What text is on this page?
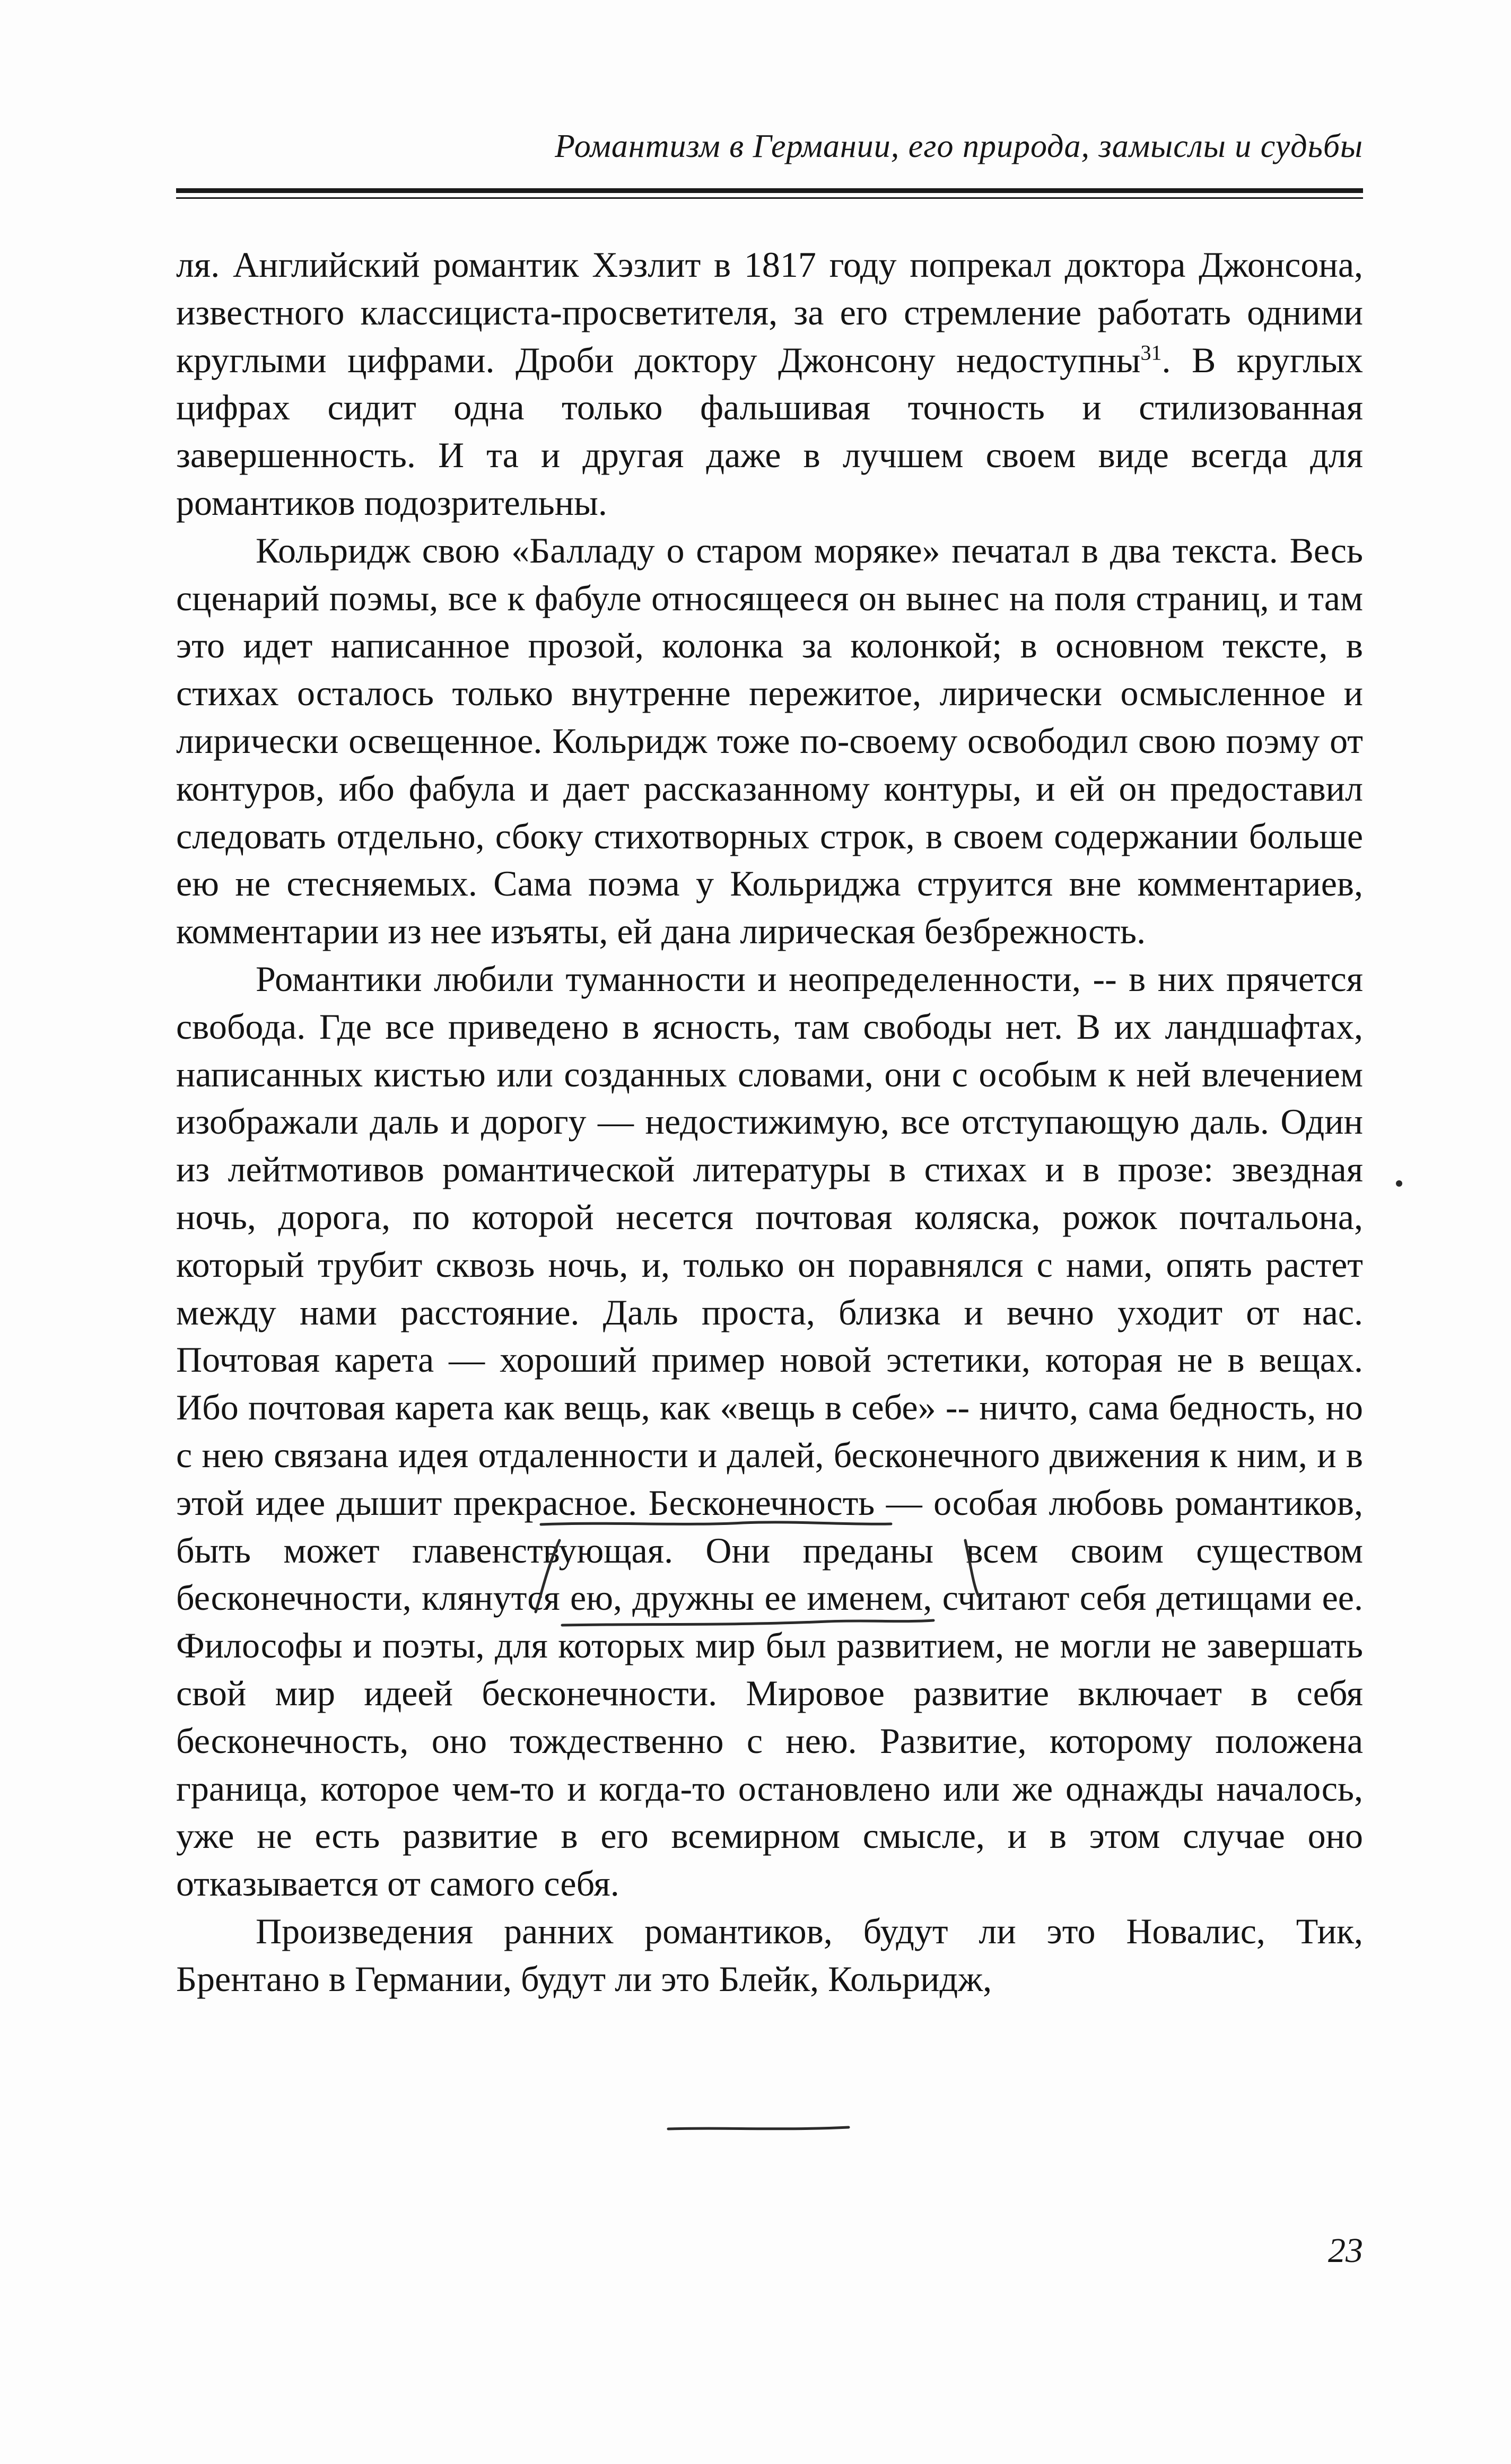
Романтизм в Германии, его природа, замыслы и судьбы

ля. Английский романтик Хэзлит в 1817 году попрекал доктора Джонсона, известного классициста-просветителя, за его стремление работать одними круглыми цифрами. Дроби доктору Джонсону недоступны$^{31}$. В круглых цифрах сидит одна только фальшивая точность и стилизованная завершенность. И та и другая даже в лучшем своем виде всегда для романтиков подозрительны.

Кольридж свою «Балладу о старом моряке» печатал в два текста. Весь сценарий поэмы, все к фабуле относящееся он вынес на поля страниц, и там это идет написанное прозой, колонка за колонкой; в основном тексте, в стихах осталось только внутренне пережитое, лирически осмысленное и лирически освещенное. Кольридж тоже по-своему освободил свою поэму от контуров, ибо фабула и дает рассказанному контуры, и ей он предоставил следовать отдельно, сбоку стихотворных строк, в своем содержании больше ею не стесняемых. Сама поэма у Кольриджа струится вне комментариев, комментарии из нее изъяты, ей дана лирическая безбрежность.

Романтики любили туманности и неопределенности, -- в них прячется свобода. Где все приведено в ясность, там свободы нет. В их ландшафтах, написанных кистью или созданных словами, они с особым к ней влечением изображали даль и дорогу — недостижимую, все отступающую даль. Один из лейтмотивов романтической литературы в стихах и в прозе: звездная ночь, дорога, по которой несется почтовая коляска, рожок почтальона, который трубит сквозь ночь, и, только он поравнялся с нами, опять растет между нами расстояние. Даль проста, близка и вечно уходит от нас. Почтовая карета — хороший пример новой эстетики, которая не в вещах. Ибо почтовая карета как вещь, как «вещь в себе» -- ничто, сама бедность, но с нею связана идея отдаленности и далей, бесконечного движения к ним, и в этой идее дышит прекрасное. Бесконечность — особая любовь романтиков, быть может главенствующая. Они преданы всем своим существом бесконечности, клянутся ею, дружны ее именем, считают себя детищами ее. Философы и поэты, для которых мир был развитием, не могли не завершать свой мир идеей бесконечности. Мировое развитие включает в себя бесконечность, оно тождественно с нею. Развитие, которому положена граница, которое чем-то и когда-то остановлено или же однажды началось, уже не есть развитие в его всемирном смысле, и в этом случае оно отказывается от самого себя.

Произведения ранних романтиков, будут ли это Новалис, Тик, Брентано в Германии, будут ли это Блейк, Кольридж,

23
